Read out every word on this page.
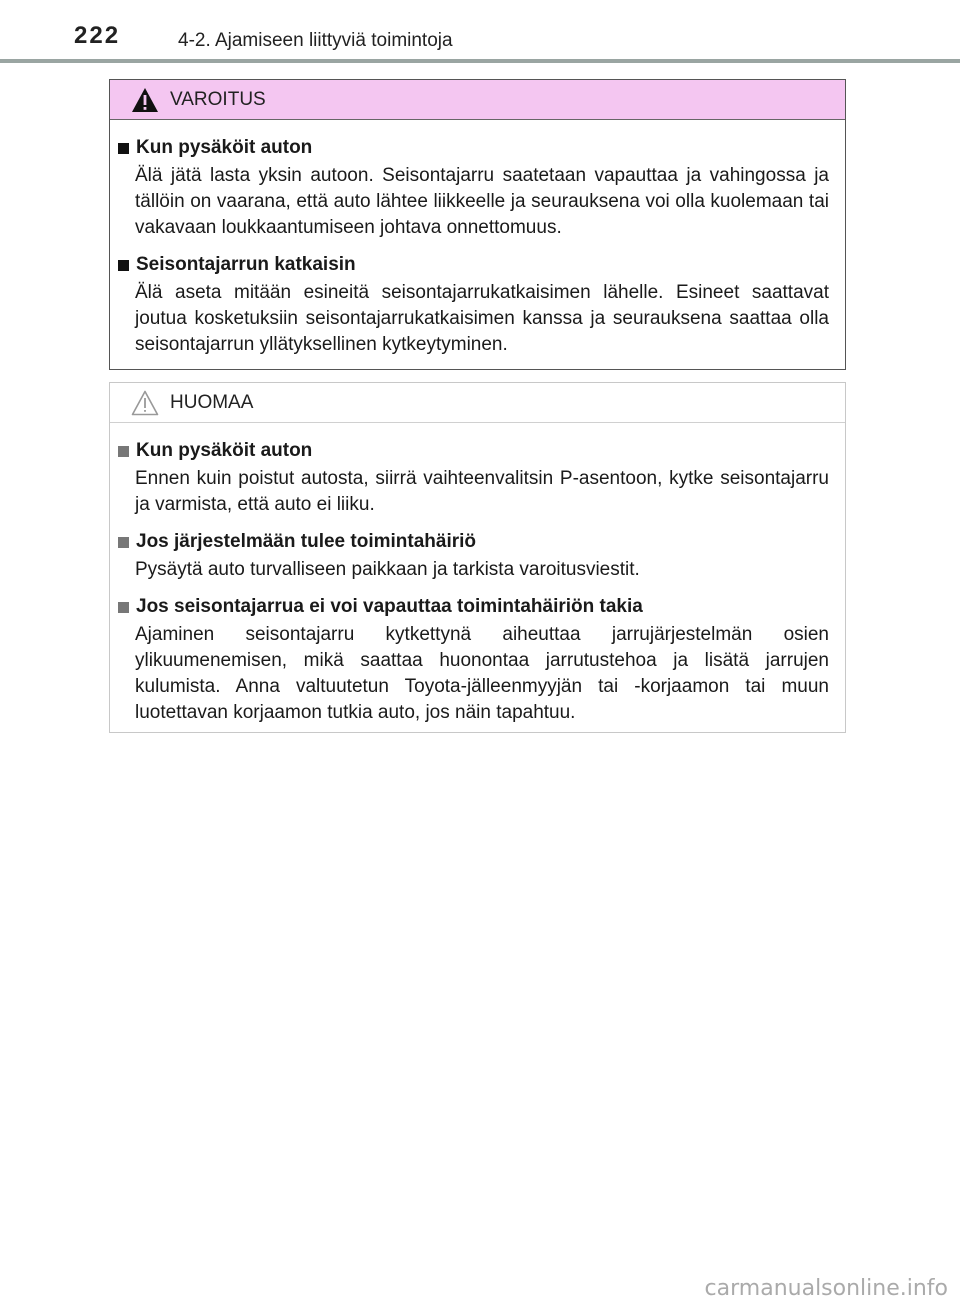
222	4-2. Ajamiseen liittyviä toimintoja
VAROITUS
Kun pysäköit auton
Älä jätä lasta yksin autoon. Seisontajarru saatetaan vapauttaa ja vahingossa ja tällöin on vaarana, että auto lähtee liikkeelle ja seurauksena voi olla kuolemaan tai vakavaan loukkaantumiseen johtava onnettomuus.
Seisontajarrun katkaisin
Älä aseta mitään esineitä seisontajarrukatkaisimen lähelle. Esineet saattavat joutua kosketuksiin seisontajarrukatkaisimen kanssa ja seurauksena saattaa olla seisontajarrun yllätyksellinen kytkeytyminen.
HUOMAA
Kun pysäköit auton
Ennen kuin poistut autosta, siirrä vaihteenvalitsin P-asentoon, kytke seisontajarru ja varmista, että auto ei liiku.
Jos järjestelmään tulee toimintahäiriö
Pysäytä auto turvalliseen paikkaan ja tarkista varoitusviestit.
Jos seisontajarrua ei voi vapauttaa toimintahäiriön takia
Ajaminen seisontajarru kytkettynä aiheuttaa jarrujärjestelmän osien ylikuumenemisen, mikä saattaa huonontaa jarrutustehoa ja lisätä jarrujen kulumista. Anna valtuutetun Toyota-jälleenmyyjän tai -korjaamon tai muun luotettavan korjaamon tutkia auto, jos näin tapahtuu.
carmanualsonline.info
